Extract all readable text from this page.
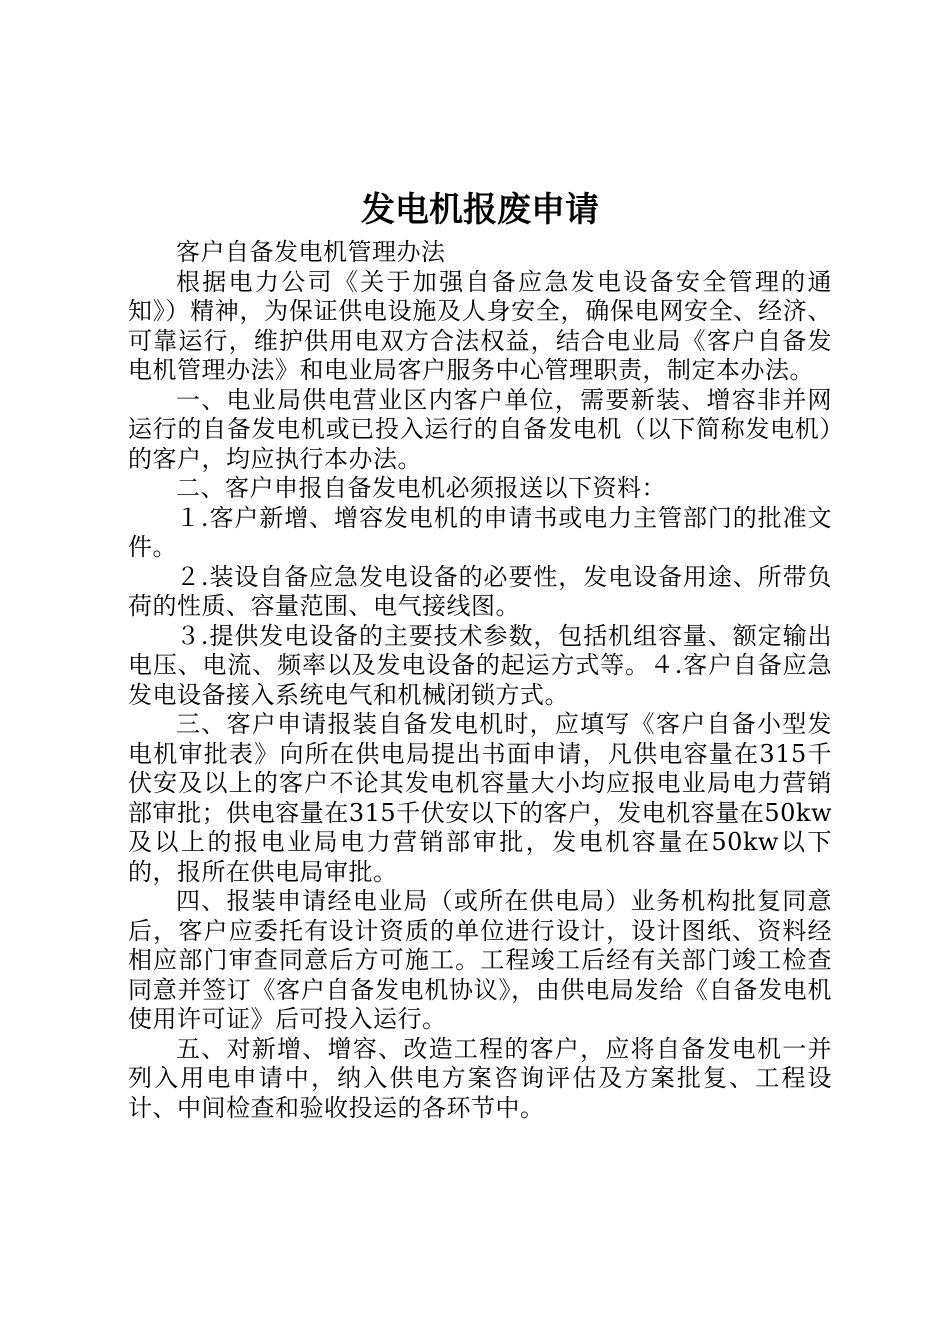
发电机报废申请

客户自备发电机管理办法

根据电力公司《关于加强自备应急发电设备安全管理的通知》）精神，为保证供电设施及人身安全，确保电网安全、经济、可靠运行，维护供用电双方合法权益，结合电业局《客户自备发电机管理办法》和电业局客户服务中心管理职责，制定本办法。

一、电业局供电营业区内客户单位，需要新装、增容非并网运行的自备发电机或已投入运行的自备发电机（以下简称发电机）的客户，均应执行本办法。

二、客户申报自备发电机必须报送以下资料：

１.客户新增、增容发电机的申请书或电力主管部门的批准文件。

２.装设自备应急发电设备的必要性，发电设备用途、所带负荷的性质、容量范围、电气接线图。

３.提供发电设备的主要技术参数，包括机组容量、额定输出电压、电流、频率以及发电设备的起运方式等。４.客户自备应急发电设备接入系统电气和机械闭锁方式。

三、客户申请报装自备发电机时，应填写《客户自备小型发电机审批表》向所在供电局提出书面申请，凡供电容量在315千伏安及以上的客户不论其发电机容量大小均应报电业局电力营销部审批；供电容量在315千伏安以下的客户，发电机容量在50kw及以上的报电业局电力营销部审批，发电机容量在50kw以下的，报所在供电局审批。

四、报装申请经电业局（或所在供电局）业务机构批复同意后，客户应委托有设计资质的单位进行设计，设计图纸、资料经相应部门审查同意后方可施工。工程竣工后经有关部门竣工检查同意并签订《客户自备发电机协议》，由供电局发给《自备发电机使用许可证》后可投入运行。

五、对新增、增容、改造工程的客户，应将自备发电机一并列入用电申请中，纳入供电方案咨询评估及方案批复、工程设计、中间检查和验收投运的各环节中。
